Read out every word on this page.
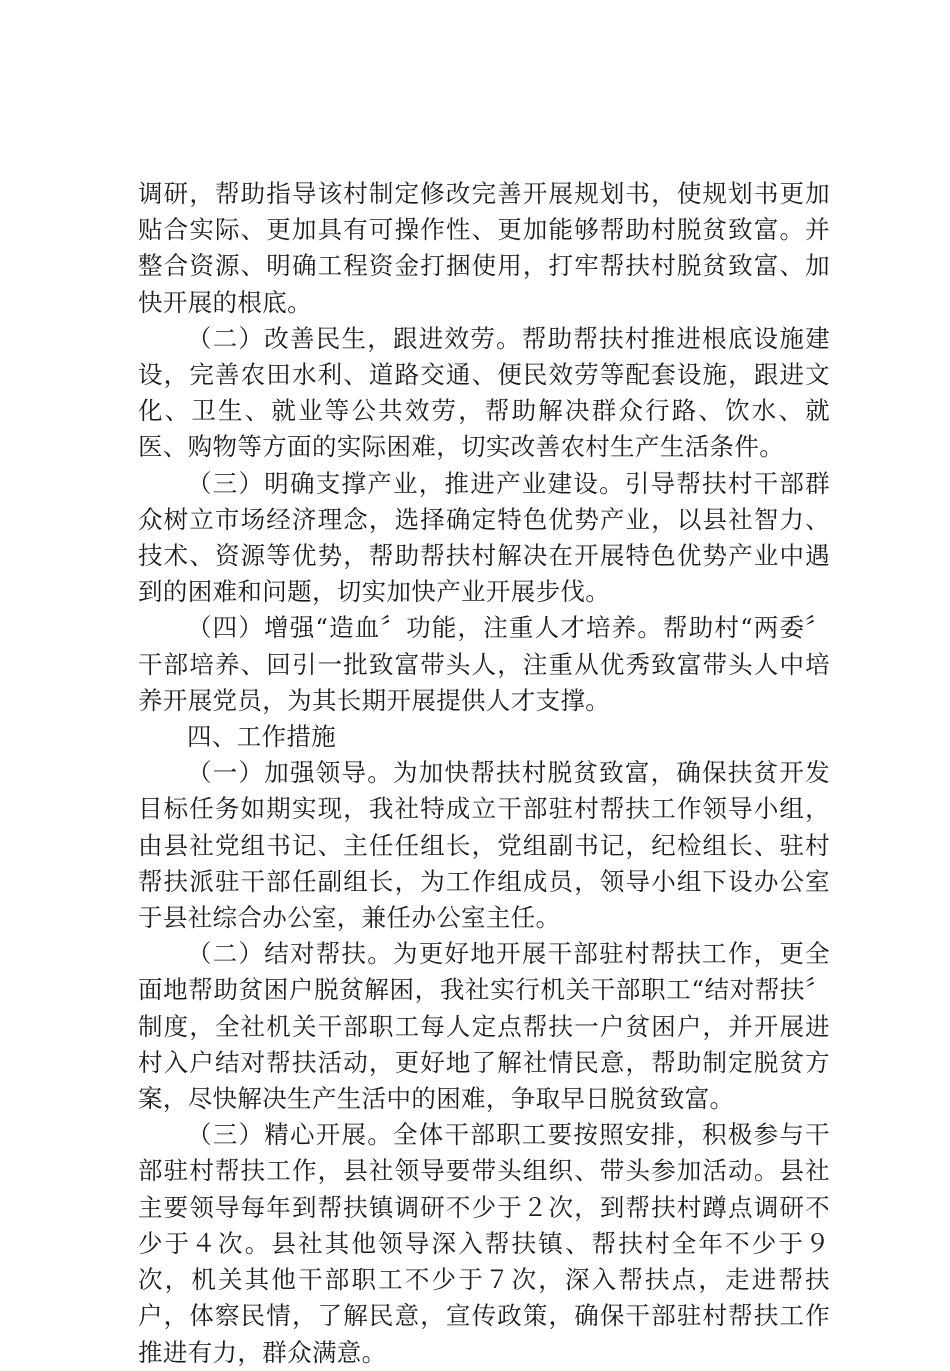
调研，帮助指导该村制定修改完善开展规划书，使规划书更加贴合实际、更加具有可操作性、更加能够帮助村脱贫致富。并整合资源、明确工程资金打捆使用，打牢帮扶村脱贫致富、加快开展的根底。

（二）改善民生，跟进效劳。帮助帮扶村推进根底设施建设，完善农田水利、道路交通、便民效劳等配套设施，跟进文化、卫生、就业等公共效劳，帮助解决群众行路、饮水、就医、购物等方面的实际困难，切实改善农村生产生活条件。

（三）明确支撑产业，推进产业建设。引导帮扶村干部群众树立市场经济理念，选择确定特色优势产业，以县社智力、技术、资源等优势，帮助帮扶村解决在开展特色优势产业中遇到的困难和问题，切实加快产业开展步伐。

（四）增强“造血〞功能，注重人才培养。帮助村“两委〞干部培养、回引一批致富带头人，注重从优秀致富带头人中培养开展党员，为其长期开展提供人才支撑。

四、工作措施

（一）加强领导。为加快帮扶村脱贫致富，确保扶贫开发目标任务如期实现，我社特成立干部驻村帮扶工作领导小组，由县社党组书记、主任任组长，党组副书记，纪检组长、驻村帮扶派驻干部任副组长，为工作组成员，领导小组下设办公室于县社综合办公室，兼任办公室主任。

（二）结对帮扶。为更好地开展干部驻村帮扶工作，更全面地帮助贫困户脱贫解困，我社实行机关干部职工“结对帮扶〞制度，全社机关干部职工每人定点帮扶一户贫困户，并开展进村入户结对帮扶活动，更好地了解社情民意，帮助制定脱贫方案，尽快解决生产生活中的困难，争取早日脱贫致富。

（三）精心开展。全体干部职工要按照安排，积极参与干部驻村帮扶工作，县社领导要带头组织、带头参加活动。县社主要领导每年到帮扶镇调研不少于２次，到帮扶村蹲点调研不少于４次。县社其他领导深入帮扶镇、帮扶村全年不少于９次，机关其他干部职工不少于７次，深入帮扶点，走进帮扶户，体察民情，了解民意，宣传政策，确保干部驻村帮扶工作推进有力，群众满意。
